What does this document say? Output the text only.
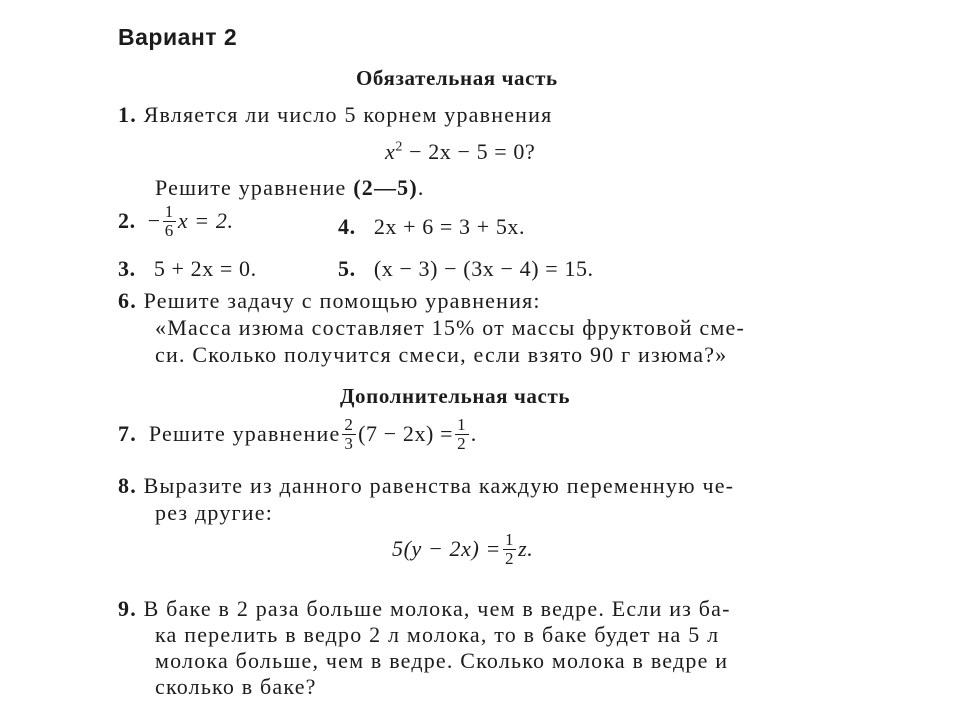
Вариант 2
Обязательная часть
1. Является ли число 5 корнем уравнения
$x^2 - 2x - 5 = 0$?
Решите уравнение (2—5).
2. − $\frac{1}{6}$ x = 2.	4. 2x + 6 = 3 + 5x.
3. 5 + 2x = 0.	5. (x − 3) − (3x − 4) = 15.
6. Решите задачу с помощью уравнения:
«Масса изюма составляет 15% от массы фруктовой сме-
си. Сколько получится смеси, если взято 90 г изюма?»
Дополнительная часть
7. Решите уравнение $\frac{2}{3} (7 - 2x) = \frac{1}{2}$ .
8. Выразите из данного равенства каждую переменную че-
рез другие:
$5(y - 2x) = \frac{1}{2} z$.
9. В баке в 2 раза больше молока, чем в ведре. Если из ба-
ка перелить в ведро 2 л молока, то в баке будет на 5 л
молока больше, чем в ведре. Сколько молока в ведре и
сколько в баке?
